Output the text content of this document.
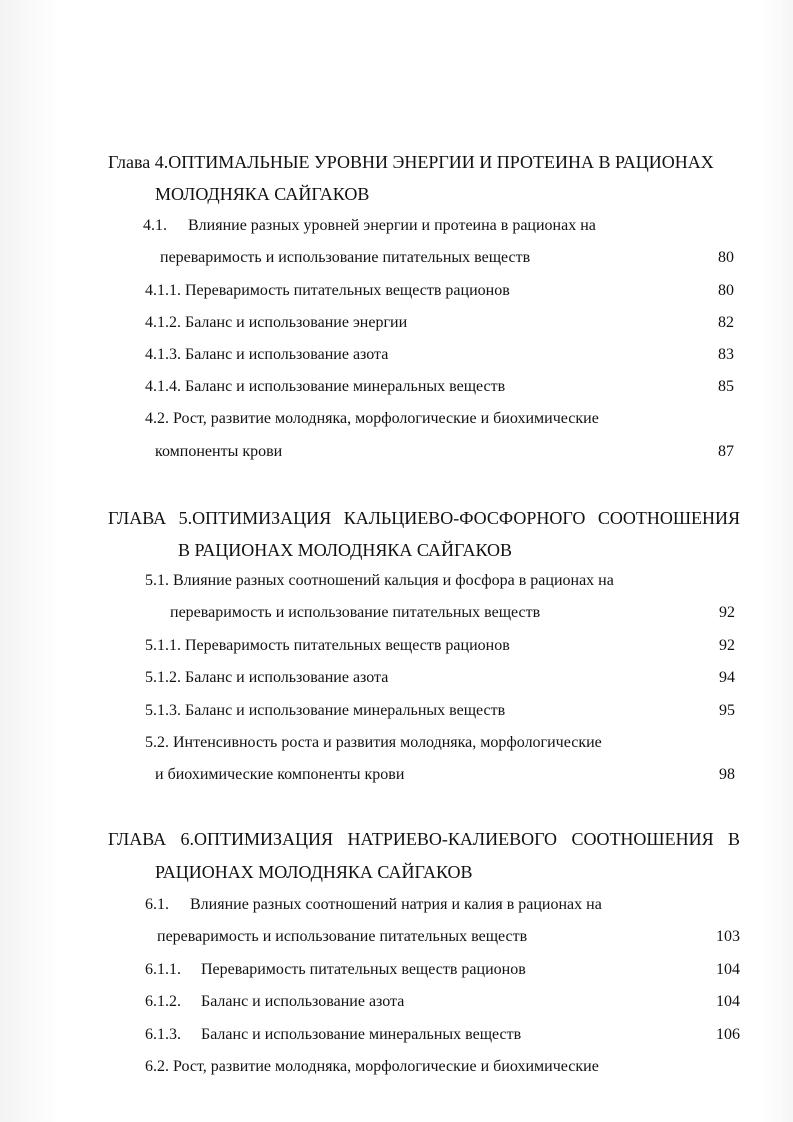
Глава 4.ОПТИМАЛЬНЫЕ УРОВНИ ЭНЕРГИИ И ПРОТЕИНА В РАЦИОНАХ
МОЛОДНЯКА САЙГАКОВ
4.1. Влияние разных уровней энергии и протеина в рационах на
переваримость и использование питательных веществ	80
4.1.1. Переваримость питательных веществ рационов	80
4.1.2. Баланс и использование энергии	82
4.1.3. Баланс и использование азота	83
4.1.4. Баланс и использование минеральных веществ	85
4.2. Рост, развитие молодняка, морфологические и биохимические
компоненты крови	87
ГЛАВА 5.ОПТИМИЗАЦИЯ КАЛЬЦИЕВО-ФОСФОРНОГО СООТНОШЕНИЯ
В РАЦИОНАХ МОЛОДНЯКА САЙГАКОВ
5.1. Влияние разных соотношений кальция и фосфора в рационах на
переваримость и использование питательных веществ	92
5.1.1. Переваримость питательных веществ рационов	92
5.1.2. Баланс и использование азота	94
5.1.3. Баланс и использование минеральных веществ	95
5.2. Интенсивность роста и развития молодняка, морфологические
и биохимические компоненты крови	98
ГЛАВА 6.ОПТИМИЗАЦИЯ НАТРИЕВО-КАЛИЕВОГО СООТНОШЕНИЯ В
РАЦИОНАХ МОЛОДНЯКА САЙГАКОВ
6.1. Влияние разных соотношений натрия и калия в рационах на
переваримость и использование питательных веществ	103
6.1.1. Переваримость питательных веществ рационов	104
6.1.2. Баланс и использование азота	104
6.1.3. Баланс и использование минеральных веществ	106
6.2. Рост, развитие молодняка, морфологические и биохимические
